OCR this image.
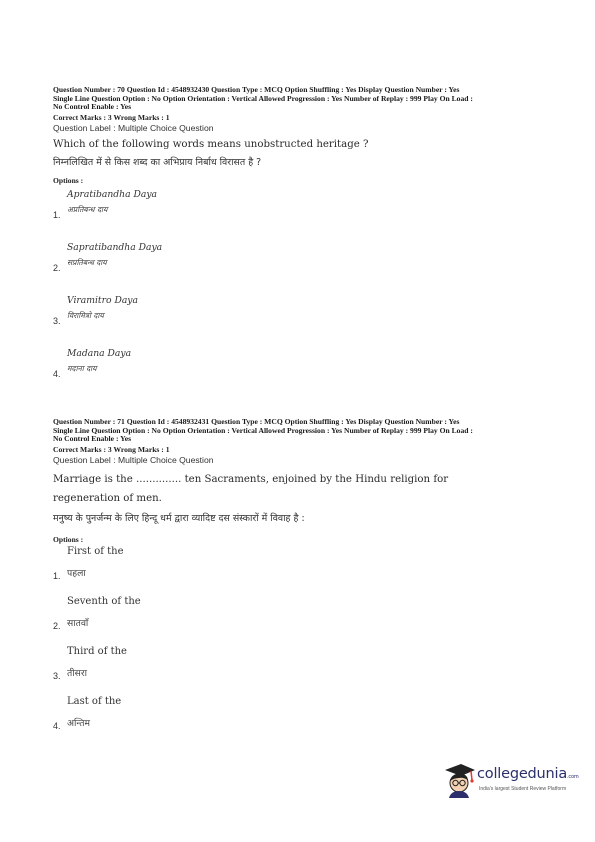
Question Number : 70 Question Id : 4548932430 Question Type : MCQ Option Shuffling : Yes Display Question Number : Yes
Single Line Question Option : No Option Orientation : Vertical Allowed Progression : Yes Number of Replay : 999 Play On Load :
No Control Enable : Yes

Correct Marks : 3 Wrong Marks : 1
Question Label : Multiple Choice Question
Which of the following words means unobstructed heritage ?
निम्नलिखित में से किस शब्द का अभिप्राय निर्बाध विरासत है ?
Options :
Apratibandha Daya
1.
अप्रतिबन्ध दाय
Sapratibandha Daya
2.
सप्रतिबन्ध दाय
Viramitro Daya
3.
विरामित्रो दाय
Madana Daya
4.
मदाना दाय

Question Number : 71 Question Id : 4548932431 Question Type : MCQ Option Shuffling : Yes Display Question Number : Yes
Single Line Question Option : No Option Orientation : Vertical Allowed Progression : Yes Number of Replay : 999 Play On Load :
No Control Enable : Yes

Correct Marks : 3 Wrong Marks : 1
Question Label : Multiple Choice Question
Marriage is the .............. ten Sacraments, enjoined by the Hindu religion for
regeneration of men.
मनुष्य के पुनर्जन्म के लिए हिन्दू धर्म द्वारा व्यादिष्ट दस संस्कारों में विवाह है :
Options :
First of the
1. पहला
Seventh of the
2. सातवाँ
Third of the
3. तीसरा
Last of the
4. अन्तिम
collegedunia.com
India's largest Student Review Platform
